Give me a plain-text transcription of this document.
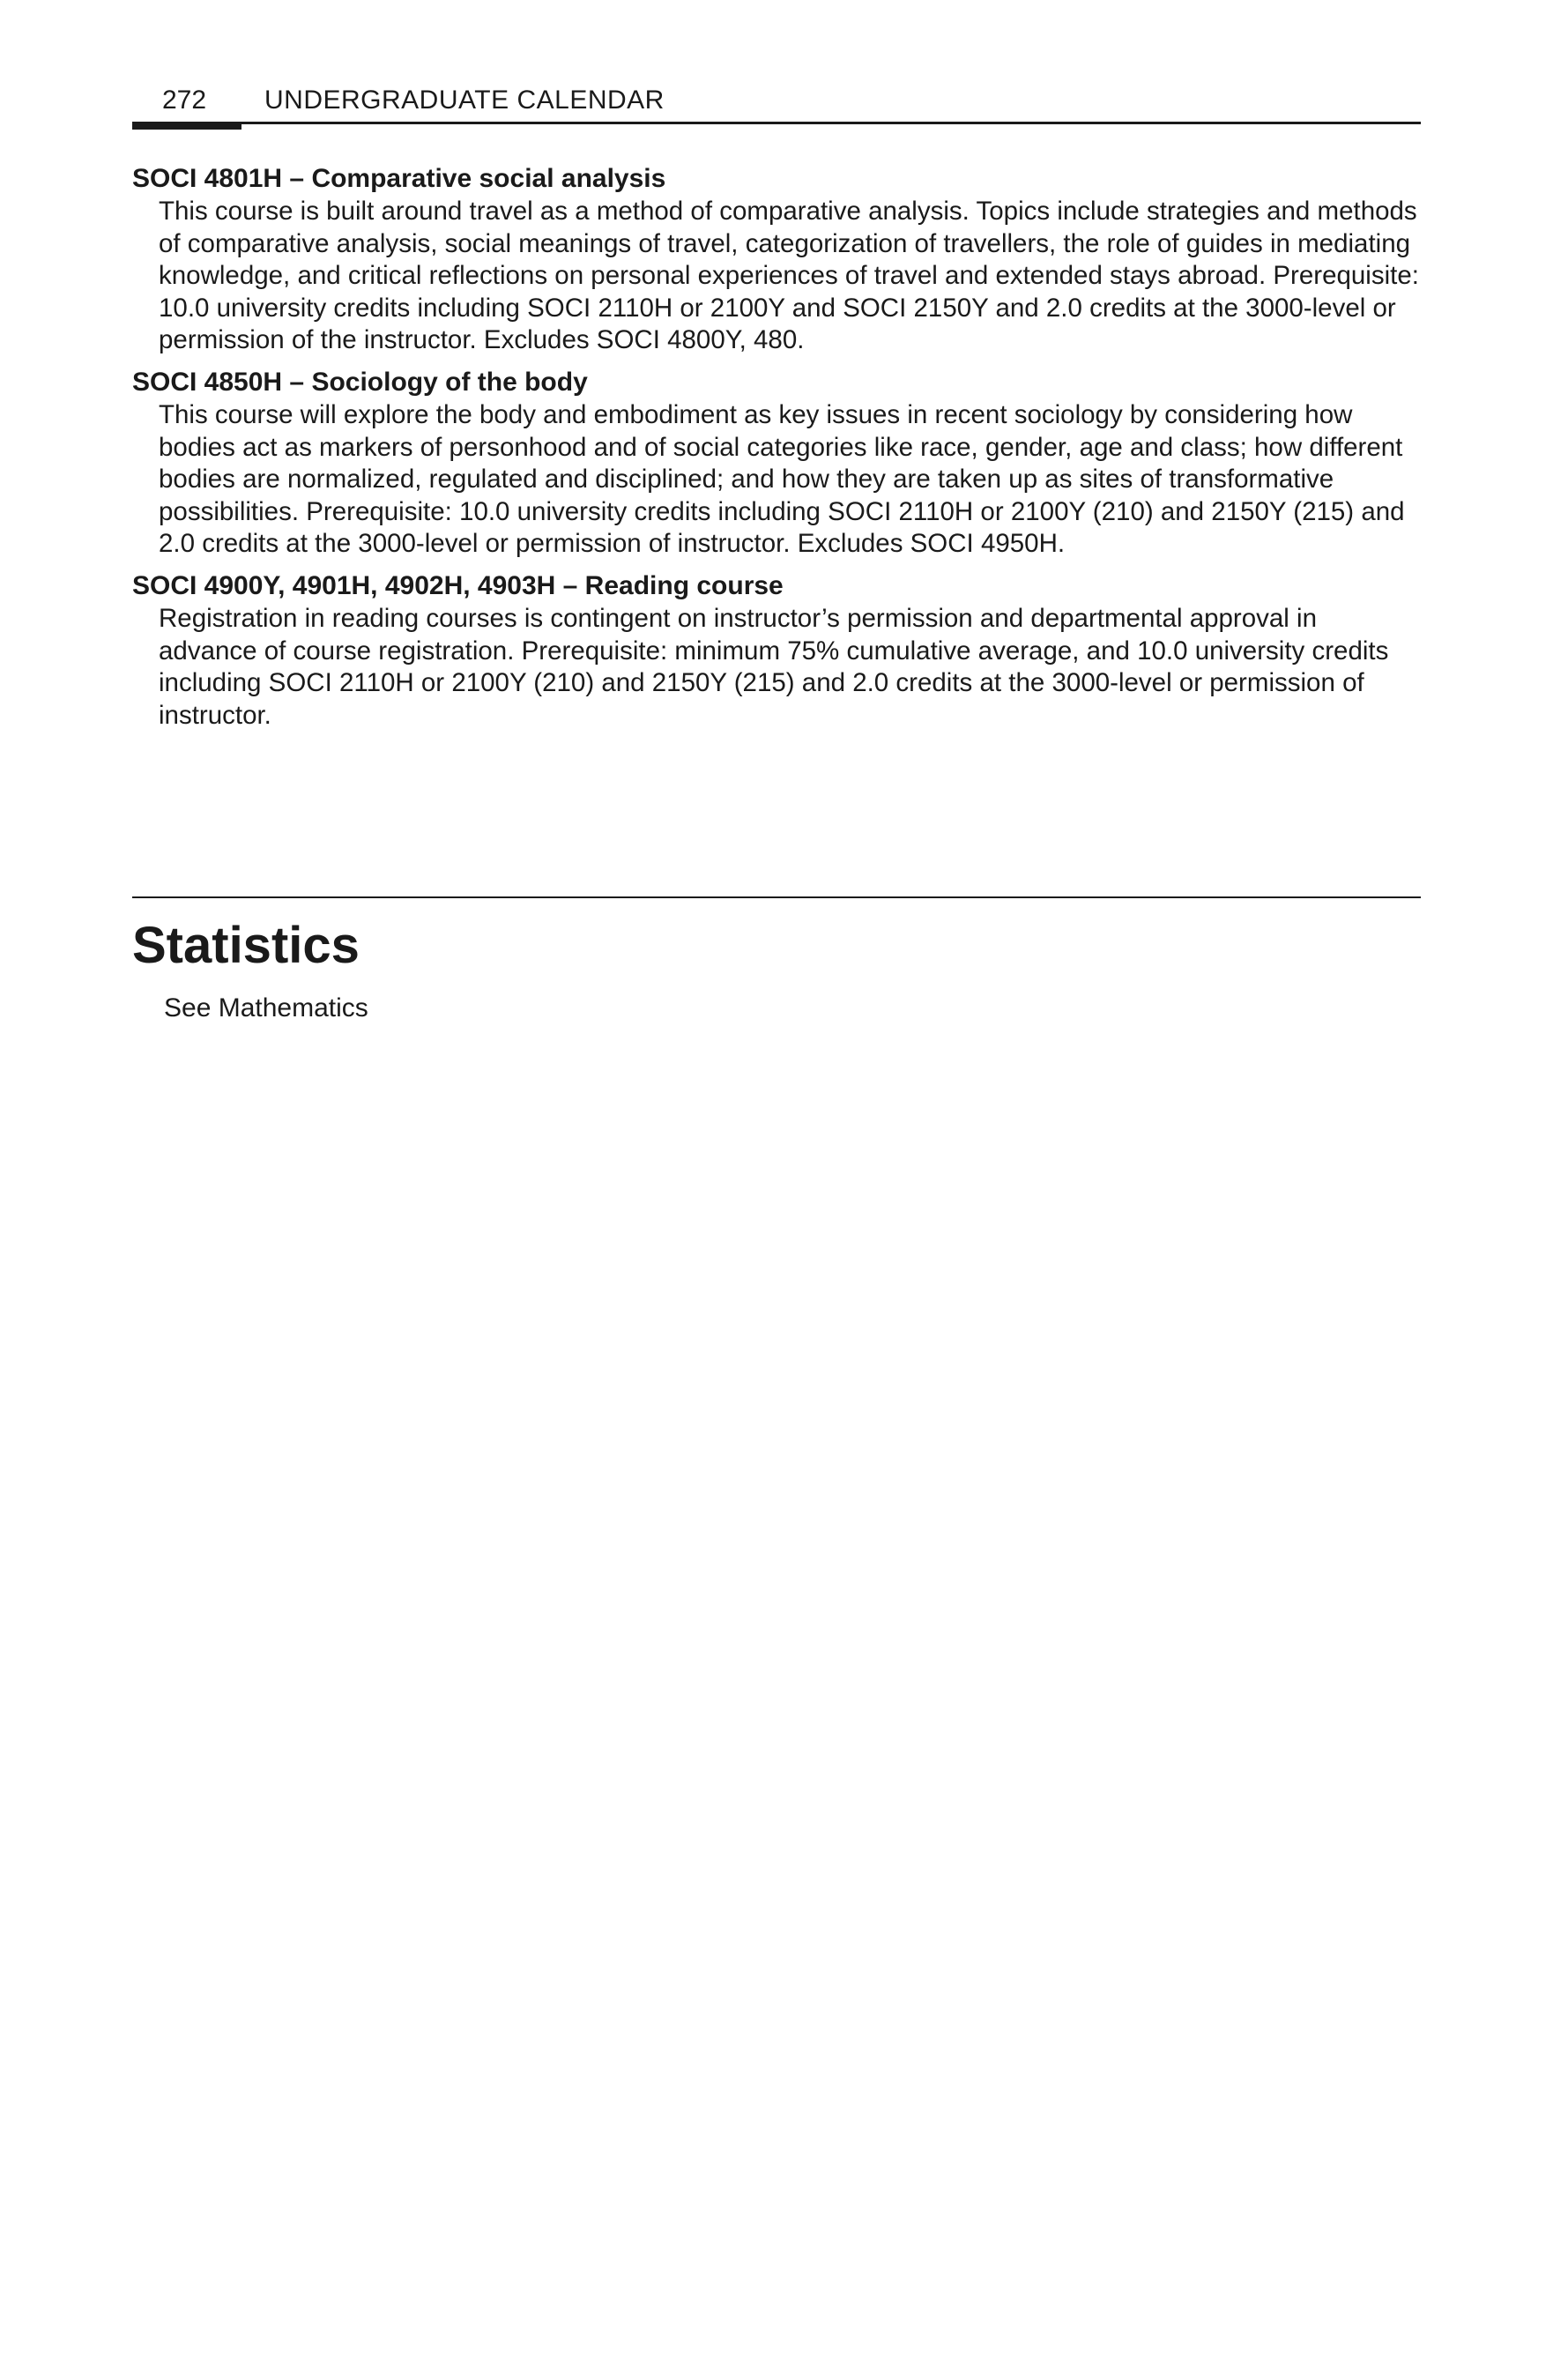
272 UNDERGRADUATE CALENDAR

SOCI 4801H – Comparative social analysis

This course is built around travel as a method of comparative analysis. Topics include strategies and methods of comparative analysis, social meanings of travel, categorization of travellers, the role of guides in mediating knowledge, and critical reflections on personal experiences of travel and extended stays abroad. Prerequisite: 10.0 university credits including SOCI 2110H or 2100Y and SOCI 2150Y and 2.0 credits at the 3000-level or permission of the instructor. Excludes SOCI 4800Y, 480.

SOCI 4850H – Sociology of the body

This course will explore the body and embodiment as key issues in recent sociology by considering how bodies act as markers of personhood and of social categories like race, gender, age and class; how different bodies are normalized, regulated and disciplined; and how they are taken up as sites of transformative possibilities. Prerequisite: 10.0 university credits including SOCI 2110H or 2100Y (210) and 2150Y (215) and 2.0 credits at the 3000-level or permission of instructor. Excludes SOCI 4950H.

SOCI 4900Y, 4901H, 4902H, 4903H – Reading course

Registration in reading courses is contingent on instructor’s permission and departmental approval in advance of course registration. Prerequisite: minimum 75% cumulative average, and 10.0 university credits including SOCI 2110H or 2100Y (210) and 2150Y (215) and 2.0 credits at the 3000-level or permission of instructor.

Statistics

See Mathematics
